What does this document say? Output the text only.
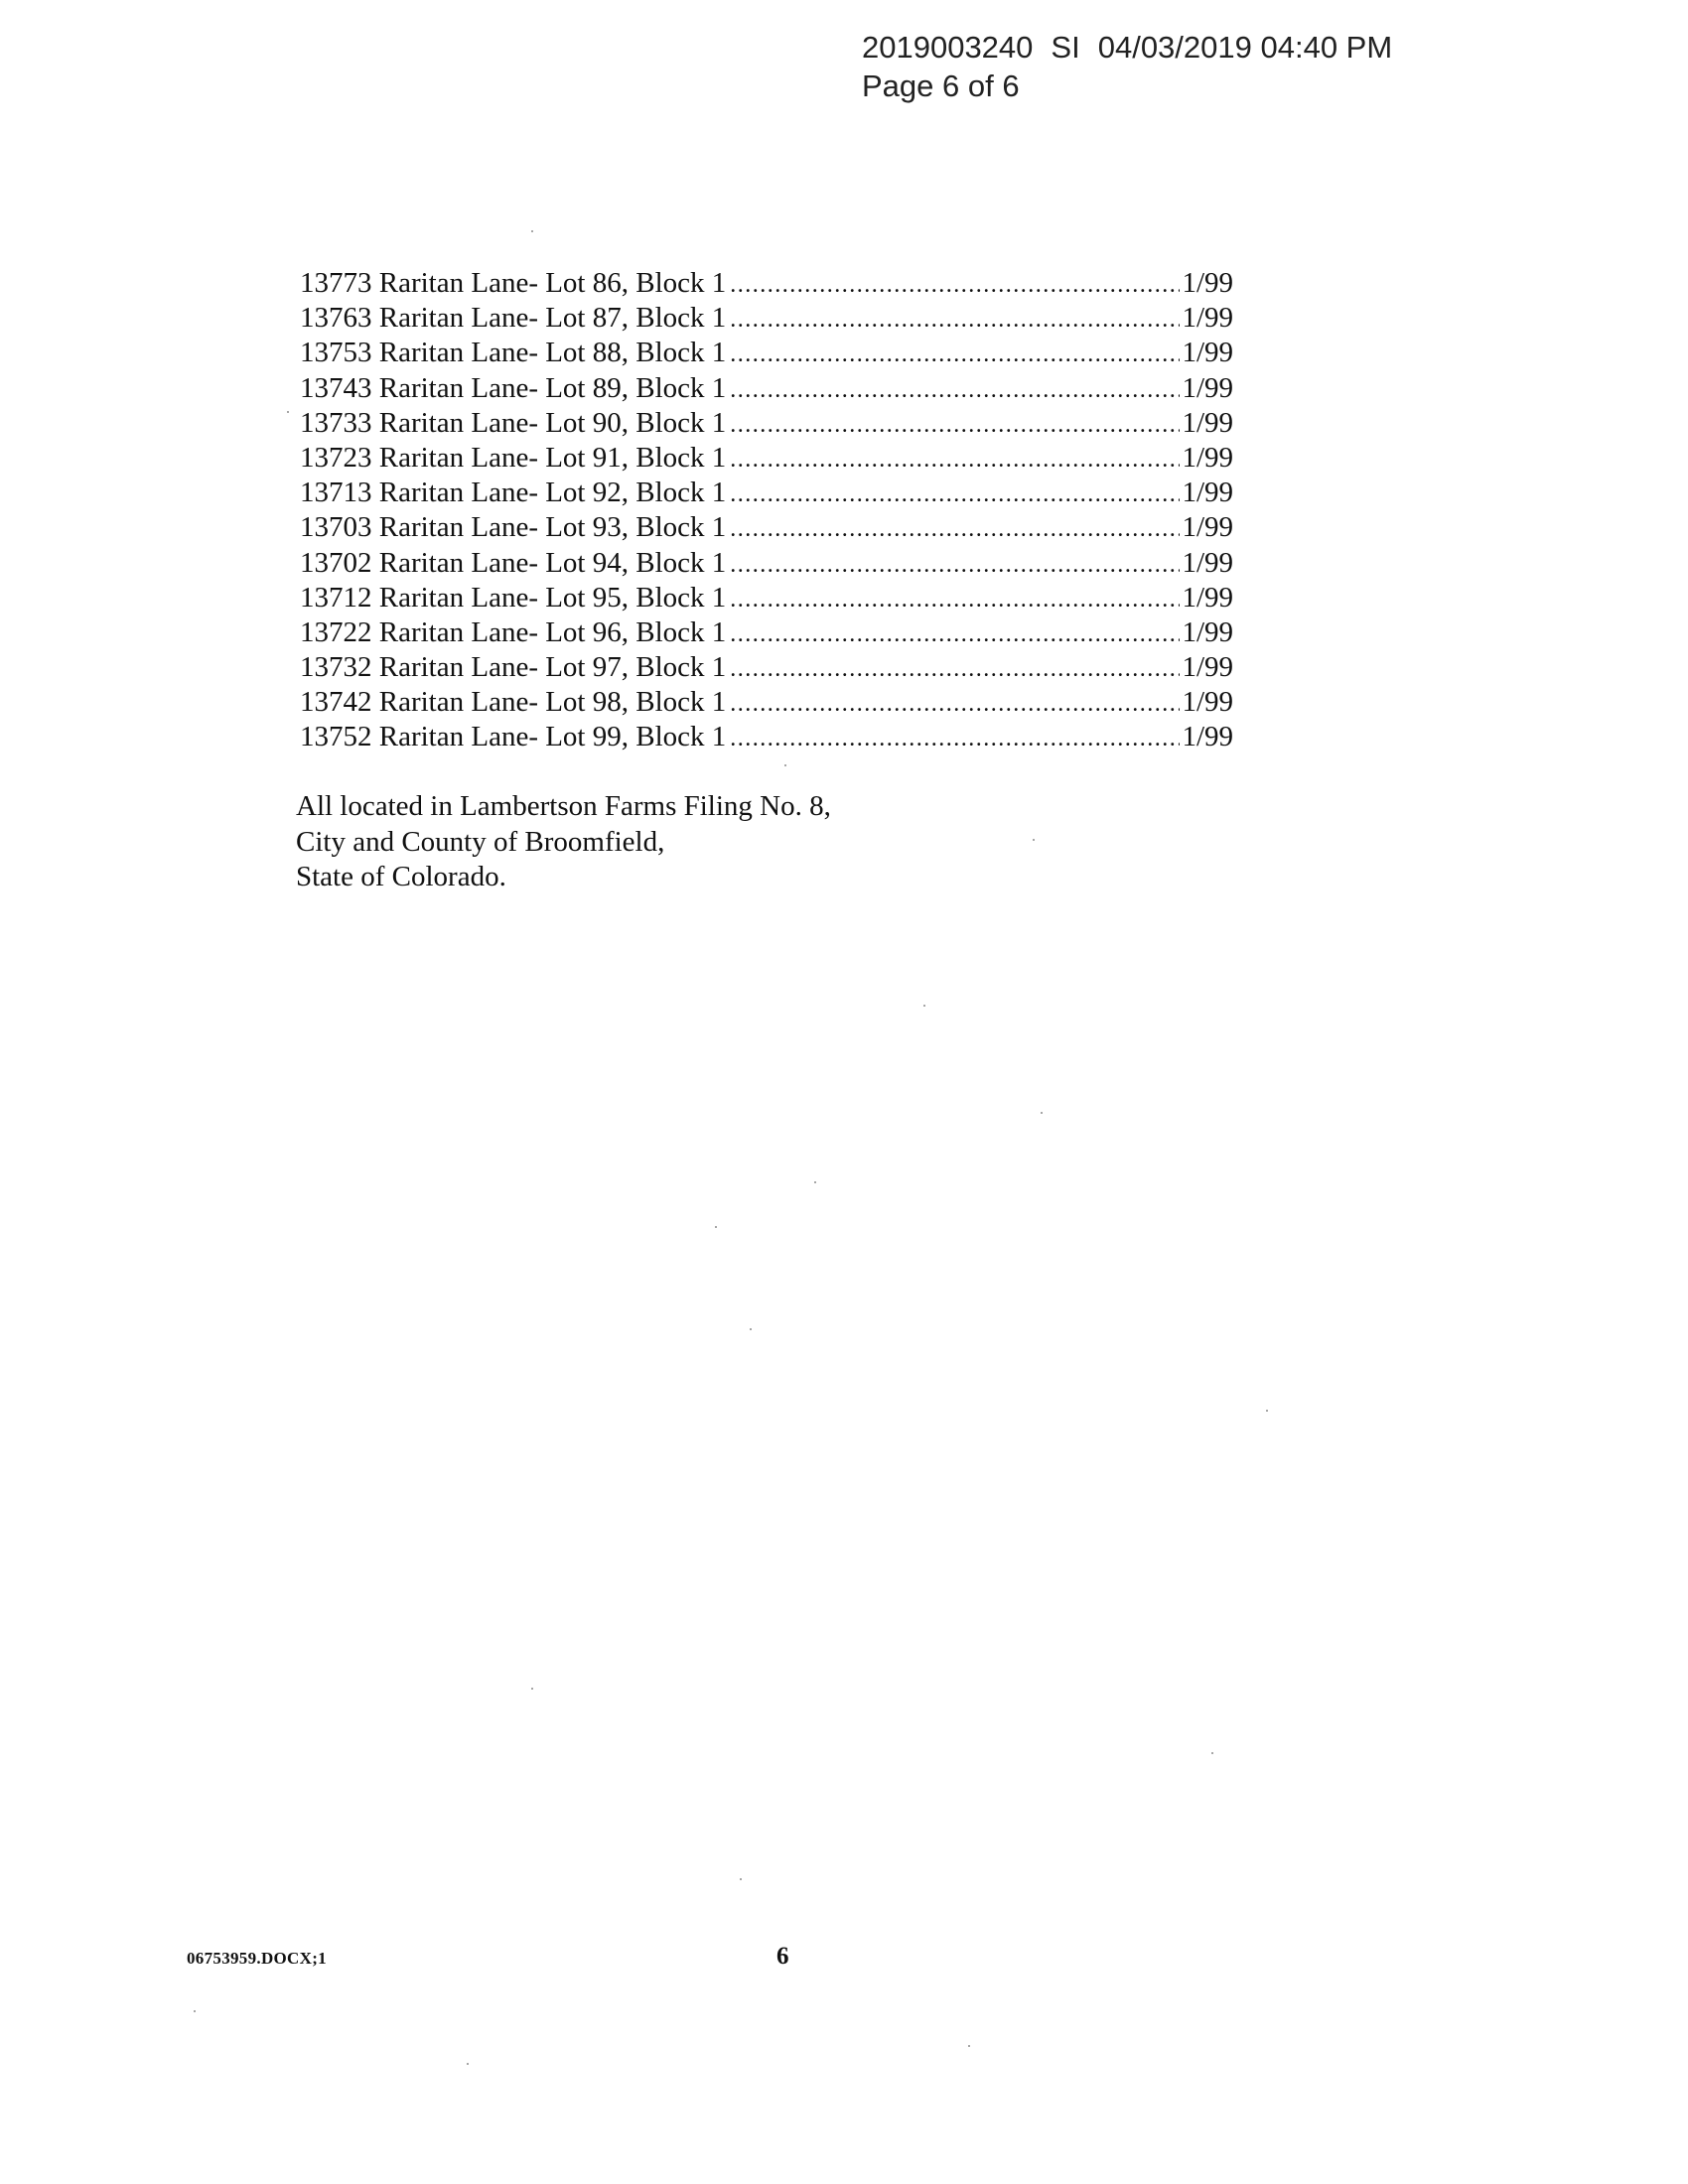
2019003240 SI 04/03/2019 04:40 PM
Page 6 of 6
13773 Raritan Lane- Lot 86, Block 1 .....	1/99
13763 Raritan Lane- Lot 87, Block 1 .....	1/99
13753 Raritan Lane- Lot 88, Block 1 .....	1/99
13743 Raritan Lane- Lot 89, Block 1 .....	1/99
13733 Raritan Lane- Lot 90, Block 1 .....	1/99
13723 Raritan Lane- Lot 91, Block 1 .....	1/99
13713 Raritan Lane- Lot 92, Block 1 .....	1/99
13703 Raritan Lane- Lot 93, Block 1 .....	1/99
13702 Raritan Lane- Lot 94, Block 1 .....	1/99
13712 Raritan Lane- Lot 95, Block 1 .....	1/99
13722 Raritan Lane- Lot 96, Block 1 .....	1/99
13732 Raritan Lane- Lot 97, Block 1 .....	1/99
13742 Raritan Lane- Lot 98, Block 1 .....	1/99
13752 Raritan Lane- Lot 99, Block 1 .....	1/99
All located in Lambertson Farms Filing No. 8,
City and County of Broomfield,
State of Colorado.
06753959.DOCX;1	6
